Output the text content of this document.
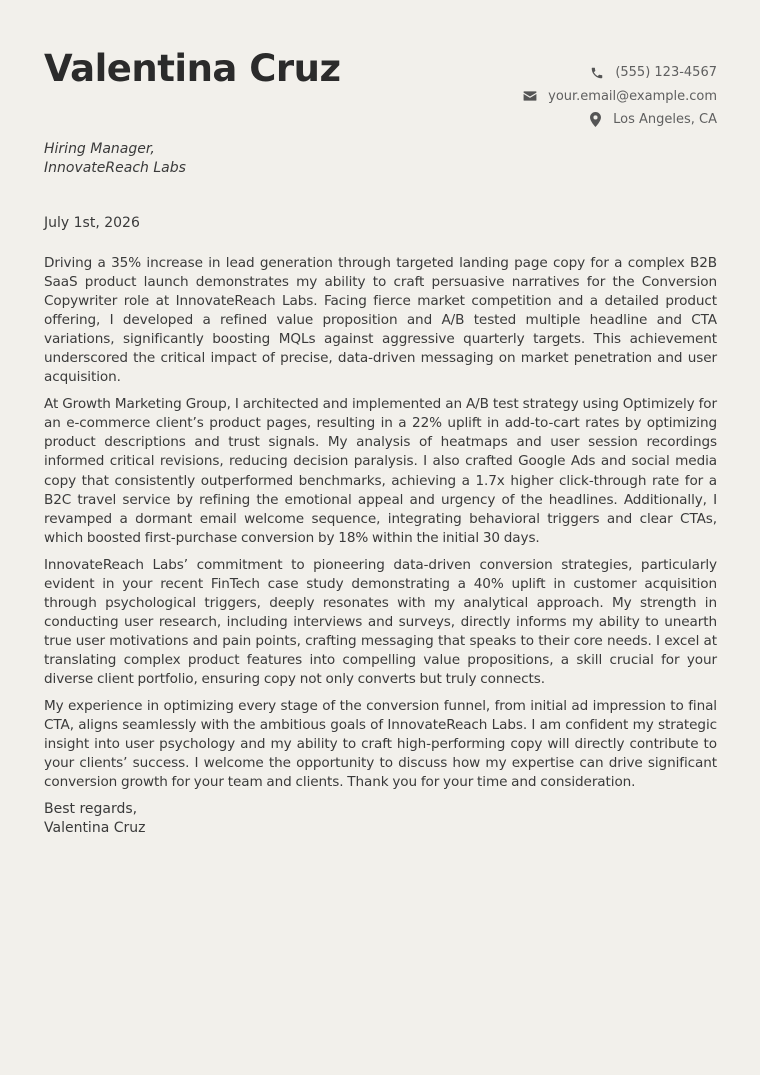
Valentina Cruz	(555) 123-4567
your.email@example.com
Los Angeles, CA
Hiring Manager,
InnovateReach Labs
July 1st, 2026

Driving a 35% increase in lead generation through targeted landing page copy for a complex B2B SaaS product launch demonstrates my ability to craft persuasive narratives for the Conversion Copywriter role at InnovateReach Labs. Facing fierce market competition and a detailed product offering, I developed a refined value proposition and A/B tested multiple headline and CTA variations, significantly boosting MQLs against aggressive quarterly targets. This achievement underscored the critical impact of precise, data-driven messaging on market penetration and user acquisition.

At Growth Marketing Group, I architected and implemented an A/B test strategy using Optimizely for an e-commerce client’s product pages, resulting in a 22% uplift in add-to-cart rates by optimizing product descriptions and trust signals. My analysis of heatmaps and user session recordings informed critical revisions, reducing decision paralysis. I also crafted Google Ads and social media copy that consistently outperformed benchmarks, achieving a 1.7x higher click-through rate for a B2C travel service by refining the emotional appeal and urgency of the headlines. Additionally, I revamped a dormant email welcome sequence, integrating behavioral triggers and clear CTAs, which boosted first-purchase conversion by 18% within the initial 30 days.

InnovateReach Labs’ commitment to pioneering data-driven conversion strategies, particularly evident in your recent FinTech case study demonstrating a 40% uplift in customer acquisition through psychological triggers, deeply resonates with my analytical approach. My strength in conducting user research, including interviews and surveys, directly informs my ability to unearth true user motivations and pain points, crafting messaging that speaks to their core needs. I excel at translating complex product features into compelling value propositions, a skill crucial for your diverse client portfolio, ensuring copy not only converts but truly connects.

My experience in optimizing every stage of the conversion funnel, from initial ad impression to final CTA, aligns seamlessly with the ambitious goals of InnovateReach Labs. I am confident my strategic insight into user psychology and my ability to craft high-performing copy will directly contribute to your clients’ success. I welcome the opportunity to discuss how my expertise can drive significant conversion growth for your team and clients. Thank you for your time and consideration.

Best regards,
Valentina Cruz
